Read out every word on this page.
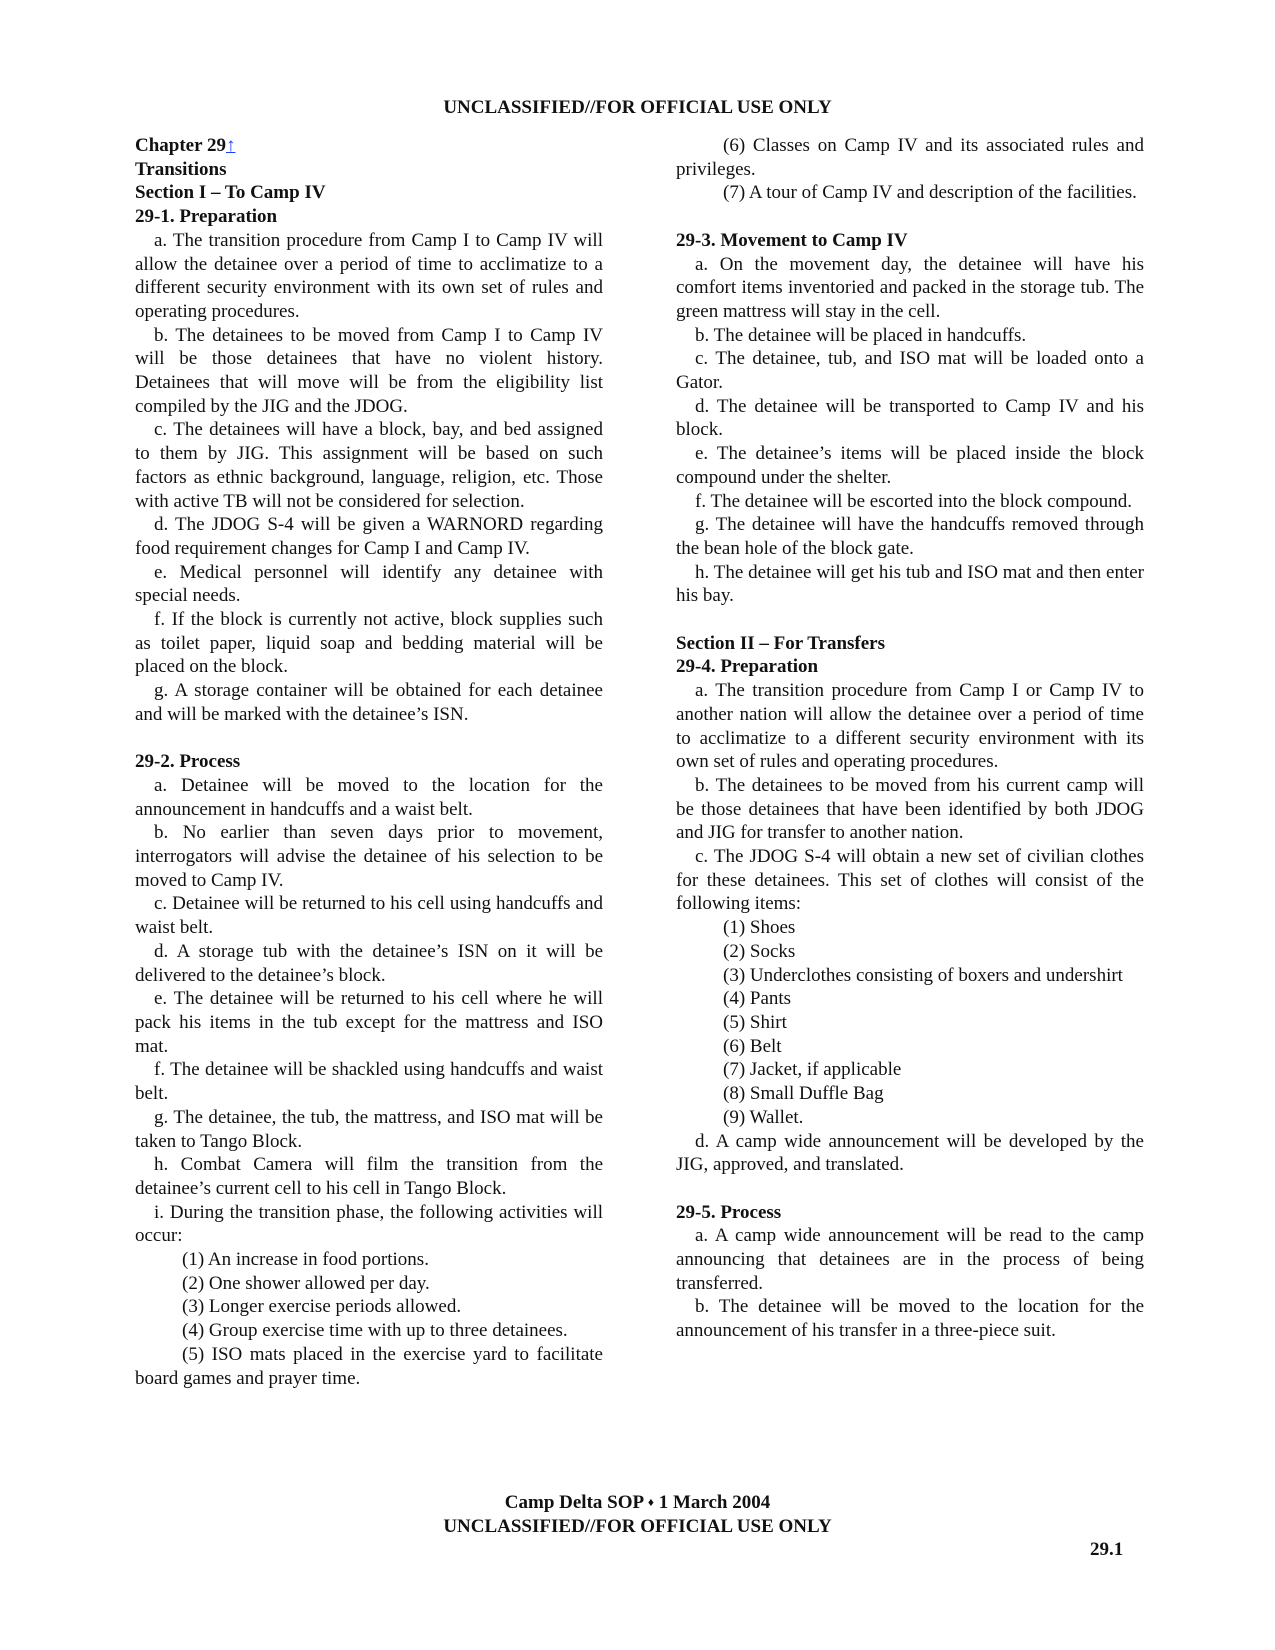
UNCLASSIFIED//FOR OFFICIAL USE ONLY

Chapter 29↑

Transitions

Section I – To Camp IV

29-1. Preparation

a. The transition procedure from Camp I to Camp IV will allow the detainee over a period of time to acclimatize to a different security environment with its own set of rules and operating procedures.

b. The detainees to be moved from Camp I to Camp IV will be those detainees that have no violent history. Detainees that will move will be from the eligibility list compiled by the JIG and the JDOG.

c. The detainees will have a block, bay, and bed assigned to them by JIG. This assignment will be based on such factors as ethnic background, language, religion, etc. Those with active TB will not be considered for selection.

d. The JDOG S-4 will be given a WARNORD regarding food requirement changes for Camp I and Camp IV.

e. Medical personnel will identify any detainee with special needs.

f. If the block is currently not active, block supplies such as toilet paper, liquid soap and bedding material will be placed on the block.

g. A storage container will be obtained for each detainee and will be marked with the detainee’s ISN.

29-2. Process

a. Detainee will be moved to the location for the announcement in handcuffs and a waist belt.

b. No earlier than seven days prior to movement, interrogators will advise the detainee of his selection to be moved to Camp IV.

c. Detainee will be returned to his cell using handcuffs and waist belt.

d. A storage tub with the detainee’s ISN on it will be delivered to the detainee’s block.

e. The detainee will be returned to his cell where he will pack his items in the tub except for the mattress and ISO mat.

f. The detainee will be shackled using handcuffs and waist belt.

g. The detainee, the tub, the mattress, and ISO mat will be taken to Tango Block.

h. Combat Camera will film the transition from the detainee’s current cell to his cell in Tango Block.

i. During the transition phase, the following activities will occur:

(1) An increase in food portions.

(2) One shower allowed per day.

(3) Longer exercise periods allowed.

(4) Group exercise time with up to three detainees.

(5) ISO mats placed in the exercise yard to facilitate board games and prayer time.

(6) Classes on Camp IV and its associated rules and privileges.

(7) A tour of Camp IV and description of the facilities.

29-3. Movement to Camp IV

a. On the movement day, the detainee will have his comfort items inventoried and packed in the storage tub. The green mattress will stay in the cell.

b. The detainee will be placed in handcuffs.

c. The detainee, tub, and ISO mat will be loaded onto a Gator.

d. The detainee will be transported to Camp IV and his block.

e. The detainee’s items will be placed inside the block compound under the shelter.

f. The detainee will be escorted into the block compound.

g. The detainee will have the handcuffs removed through the bean hole of the block gate.

h. The detainee will get his tub and ISO mat and then enter his bay.

Section II – For Transfers

29-4. Preparation

a. The transition procedure from Camp I or Camp IV to another nation will allow the detainee over a period of time to acclimatize to a different security environment with its own set of rules and operating procedures.

b. The detainees to be moved from his current camp will be those detainees that have been identified by both JDOG and JIG for transfer to another nation.

c. The JDOG S-4 will obtain a new set of civilian clothes for these detainees. This set of clothes will consist of the following items:

(1) Shoes

(2) Socks

(3) Underclothes consisting of boxers and undershirt

(4) Pants

(5) Shirt

(6) Belt

(7) Jacket, if applicable

(8) Small Duffle Bag

(9) Wallet.

d. A camp wide announcement will be developed by the JIG, approved, and translated.

29-5. Process

a. A camp wide announcement will be read to the camp announcing that detainees are in the process of being transferred.

b. The detainee will be moved to the location for the announcement of his transfer in a three-piece suit.

Camp Delta SOP ♦ 1 March 2004
UNCLASSIFIED//FOR OFFICIAL USE ONLY
29.1
